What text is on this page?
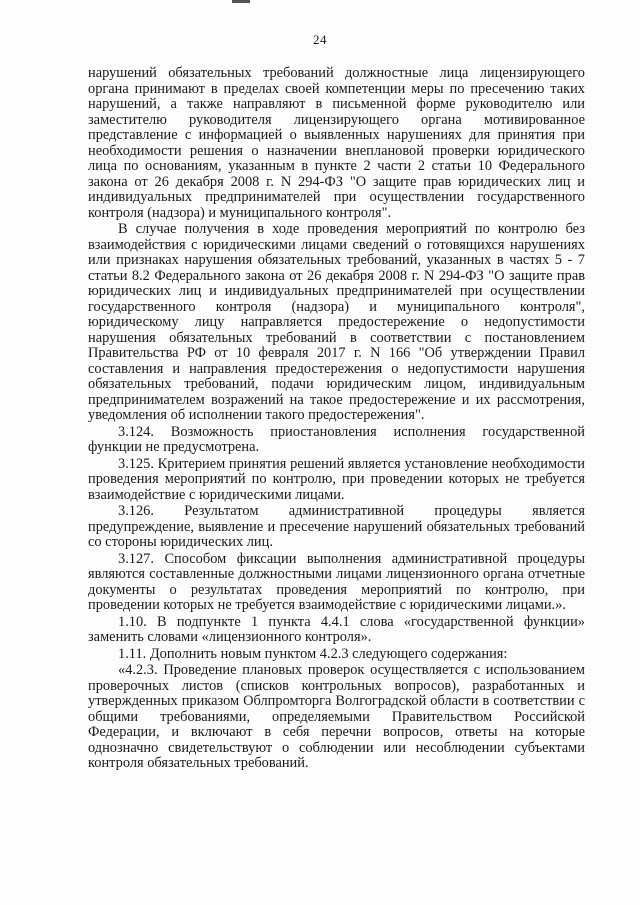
24

нарушений обязательных требований должностные лица лицензирующего органа принимают в пределах своей компетенции меры по пресечению таких нарушений, а также направляют в письменной форме руководителю или заместителю руководителя лицензирующего органа мотивированное представление с информацией о выявленных нарушениях для принятия при необходимости решения о назначении внеплановой проверки юридического лица по основаниям, указанным в пункте 2 части 2 статьи 10 Федерального закона от 26 декабря 2008 г. N 294-ФЗ "О защите прав юридических лиц и индивидуальных предпринимателей при осуществлении государственного контроля (надзора) и муниципального контроля".

В случае получения в ходе проведения мероприятий по контролю без взаимодействия с юридическими лицами сведений о готовящихся нарушениях или признаках нарушения обязательных требований, указанных в частях 5 - 7 статьи 8.2 Федерального закона от 26 декабря 2008 г. N 294-ФЗ "О защите прав юридических лиц и индивидуальных предпринимателей при осуществлении государственного контроля (надзора) и муниципального контроля", юридическому лицу направляется предостережение о недопустимости нарушения обязательных требований в соответствии с постановлением Правительства РФ от 10 февраля 2017 г. N 166 "Об утверждении Правил составления и направления предостережения о недопустимости нарушения обязательных требований, подачи юридическим лицом, индивидуальным предпринимателем возражений на такое предостережение и их рассмотрения, уведомления об исполнении такого предостережения".

3.124. Возможность приостановления исполнения государственной функции не предусмотрена.

3.125. Критерием принятия решений является установление необходимости проведения мероприятий по контролю, при проведении которых не требуется взаимодействие с юридическими лицами.

3.126. Результатом административной процедуры является предупреждение, выявление и пресечение нарушений обязательных требований со стороны юридических лиц.

3.127. Способом фиксации выполнения административной процедуры являются составленные должностными лицами лицензионного органа отчетные документы о результатах проведения мероприятий по контролю, при проведении которых не требуется взаимодействие с юридическими лицами.».

1.10. В подпункте 1 пункта 4.4.1 слова «государственной функции» заменить словами «лицензионного контроля».

1.11. Дополнить новым пунктом 4.2.3 следующего содержания:

«4.2.3. Проведение плановых проверок осуществляется с использованием проверочных листов (списков контрольных вопросов), разработанных и утвержденных приказом Облпромторга Волгоградской области в соответствии с общими требованиями, определяемыми Правительством Российской Федерации, и включают в себя перечни вопросов, ответы на которые однозначно свидетельствуют о соблюдении или несоблюдении субъектами контроля обязательных требований.
